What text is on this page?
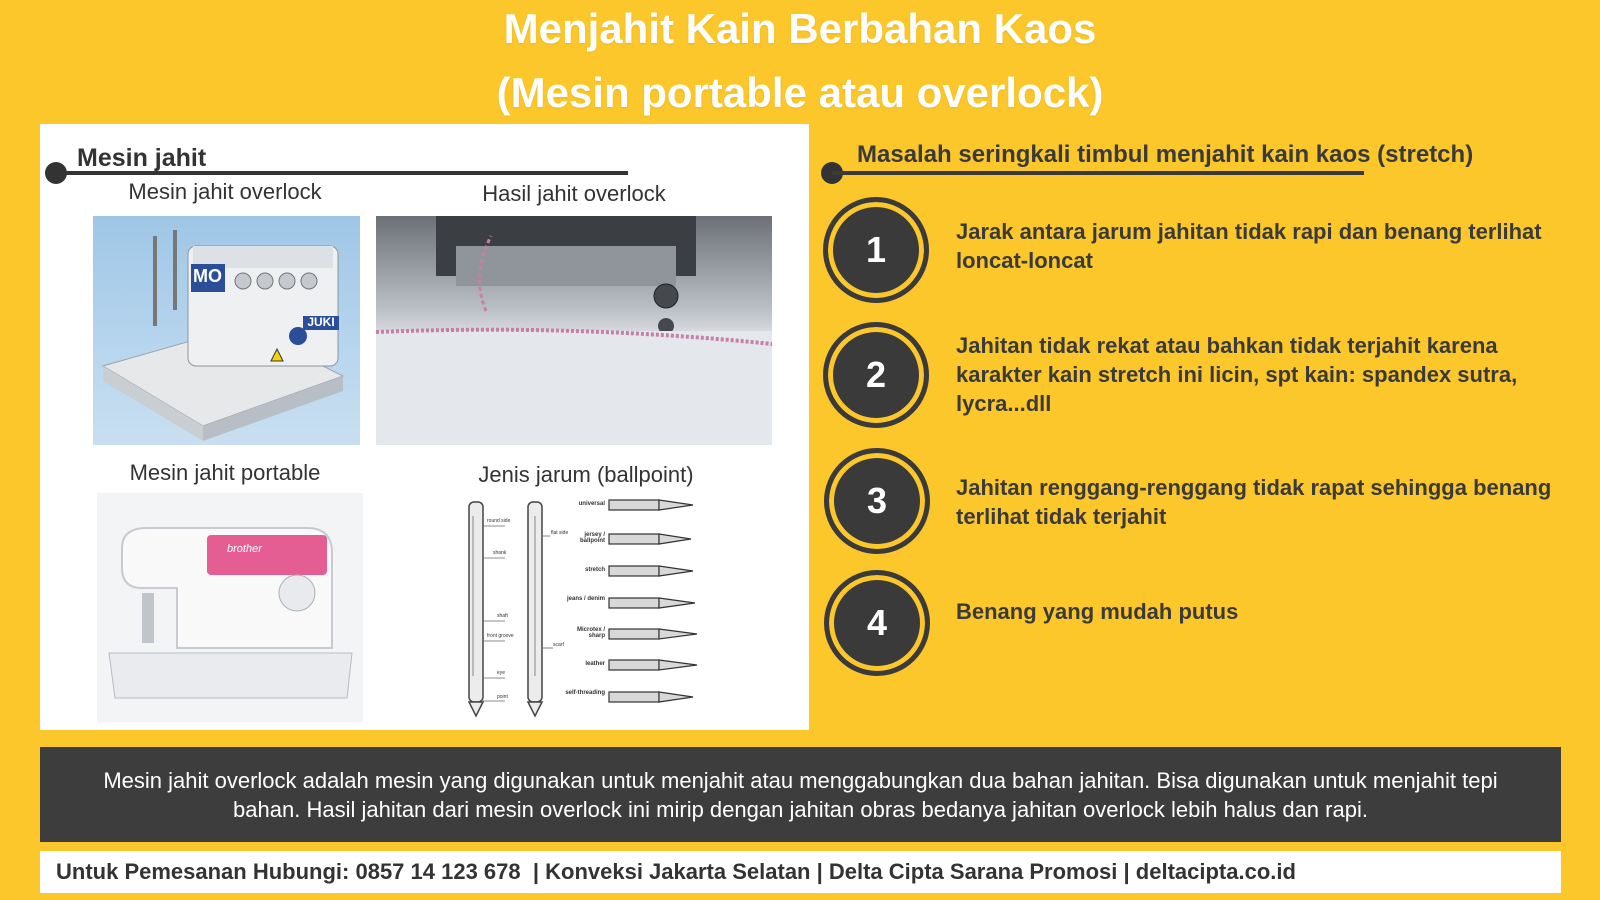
Menjahit Kain Berbahan Kaos
(Mesin portable atau overlock)
Mesin jahit
Mesin jahit overlock	Hasil jahit overlock
Mesin jahit portable	Jenis jarum (ballpoint)
MO
JUKI
brother
round side
flat side
shank
shaft
front groove
scarf
eye
point
universal
jersey / ballpoint
stretch
jeans / denim
Microtex / sharp
leather
self-threading
Masalah seringkali timbul menjahit kain kaos (stretch)
1	Jarak antara jarum jahitan tidak rapi dan benang terlihat loncat-loncat
2
Jahitan tidak rekat atau bahkan tidak terjahit karena karakter kain stretch ini licin, spt kain: spandex sutra, lycra...dll
3	Jahitan renggang-renggang tidak rapat sehingga benang terlihat tidak terjahit
4	Benang yang mudah putus
Mesin jahit overlock adalah mesin yang digunakan untuk menjahit atau menggabungkan dua bahan jahitan. Bisa digunakan untuk menjahit tepi bahan. Hasil jahitan dari mesin overlock ini mirip dengan jahitan obras bedanya jahitan overlock lebih halus dan rapi.
Untuk Pemesanan Hubungi: 0857 14 123 678  | Konveksi Jakarta Selatan | Delta Cipta Sarana Promosi | deltacipta.co.id
